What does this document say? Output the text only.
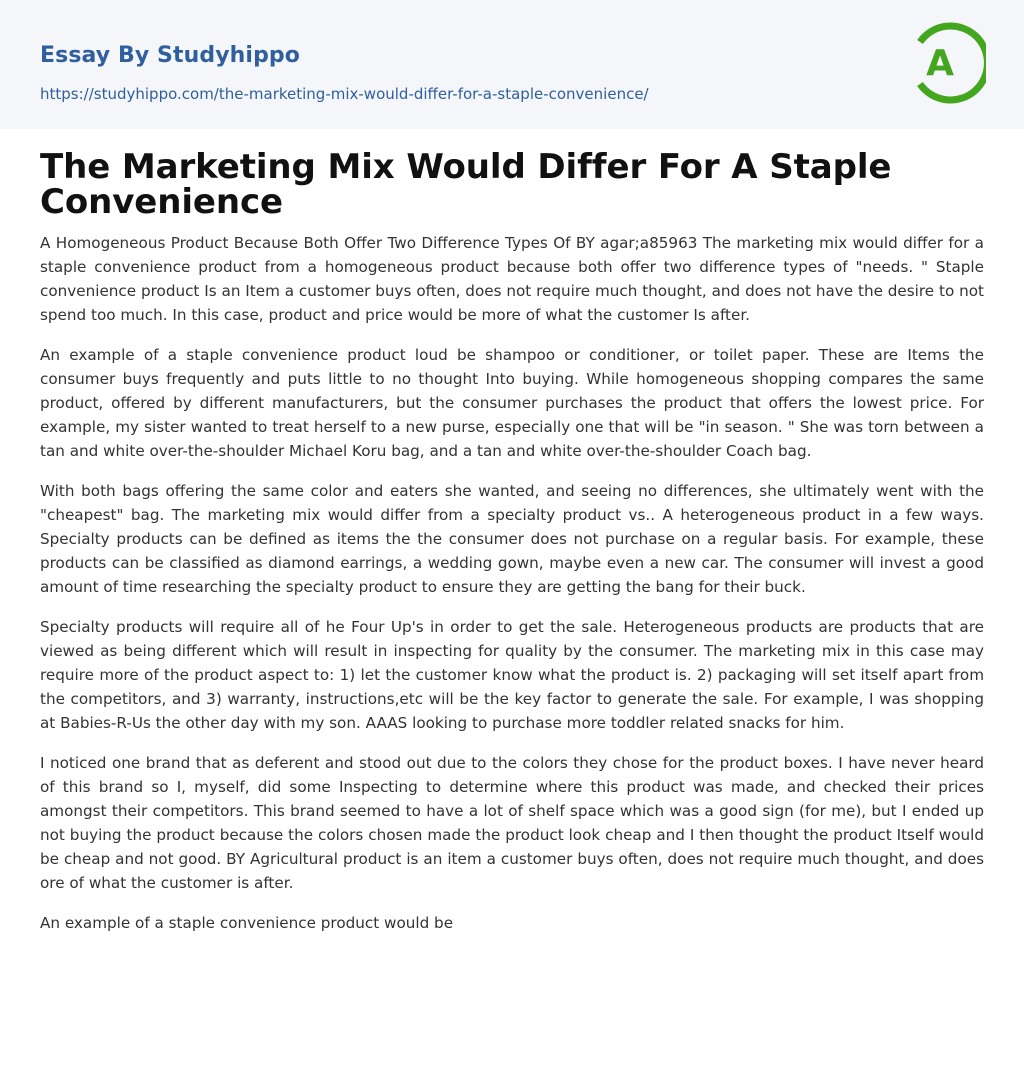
Essay By Studyhippo
https://studyhippo.com/the-marketing-mix-would-differ-for-a-staple-convenience/
A
The Marketing Mix Would Differ For A Staple Convenience

A Homogeneous Product Because Both Offer Two Difference Types Of BY agar;a85963 The marketing mix would differ for a staple convenience product from a homogeneous product because both offer two difference types of "needs. " Staple convenience product Is an Item a customer buys often, does not require much thought, and does not have the desire to not spend too much. In this case, product and price would be more of what the customer Is after.

An example of a staple convenience product loud be shampoo or conditioner, or toilet paper. These are Items the consumer buys frequently and puts little to no thought Into buying. While homogeneous shopping compares the same product, offered by different manufacturers, but the consumer purchases the product that offers the lowest price. For example, my sister wanted to treat herself to a new purse, especially one that will be "in season. " She was torn between a tan and white over-the-shoulder Michael Koru bag, and a tan and white over-the-shoulder Coach bag.

With both bags offering the same color and eaters she wanted, and seeing no differences, she ultimately went with the "cheapest" bag. The marketing mix would differ from a specialty product vs.. A heterogeneous product in a few ways. Specialty products can be defined as items the the consumer does not purchase on a regular basis. For example, these products can be classified as diamond earrings, a wedding gown, maybe even a new car. The consumer will invest a good amount of time researching the specialty product to ensure they are getting the bang for their buck.

Specialty products will require all of he Four Up's in order to get the sale. Heterogeneous products are products that are viewed as being different which will result in inspecting for quality by the consumer. The marketing mix in this case may require more of the product aspect to: 1) let the customer know what the product is. 2) packaging will set itself apart from the competitors, and 3) warranty, instructions,etc will be the key factor to generate the sale. For example, I was shopping at Babies-R-Us the other day with my son. AAAS looking to purchase more toddler related snacks for him.

I noticed one brand that as deferent and stood out due to the colors they chose for the product boxes. I have never heard of this brand so I, myself, did some Inspecting to determine where this product was made, and checked their prices amongst their competitors. This brand seemed to have a lot of shelf space which was a good sign (for me), but I ended up not buying the product because the colors chosen made the product look cheap and I then thought the product Itself would be cheap and not good. BY Agricultural product is an item a customer buys often, does not require much thought, and does ore of what the customer is after.

An example of a staple convenience product would be
